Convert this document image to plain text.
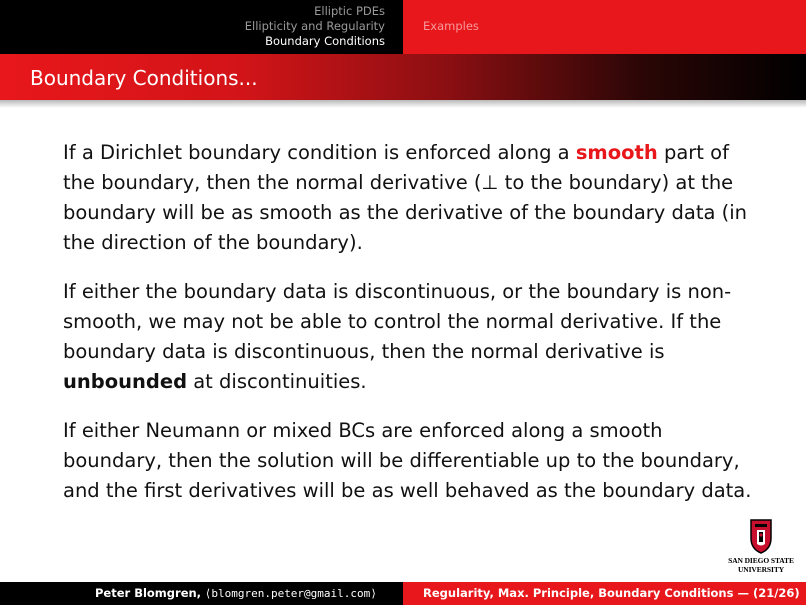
Elliptic PDEs
Ellipticity and Regularity
Boundary Conditions
Examples
Boundary Conditions...

If a Dirichlet boundary condition is enforced along a smooth part of the boundary, then the normal derivative (⊥ to the boundary) at the boundary will be as smooth as the derivative of the boundary data (in the direction of the boundary).

If either the boundary data is discontinuous, or the boundary is non-smooth, we may not be able to control the normal derivative. If the boundary data is discontinuous, then the normal derivative is unbounded at discontinuities.

If either Neumann or mixed BCs are enforced along a smooth boundary, then the solution will be differentiable up to the boundary, and the first derivatives will be as well behaved as the boundary data.

SAN DIEGO STATE
UNIVERSITY
Peter Blomgren, ⟨blomgren.peter@gmail.com⟩	Regularity, Max. Principle, Boundary Conditions — (21/26)
